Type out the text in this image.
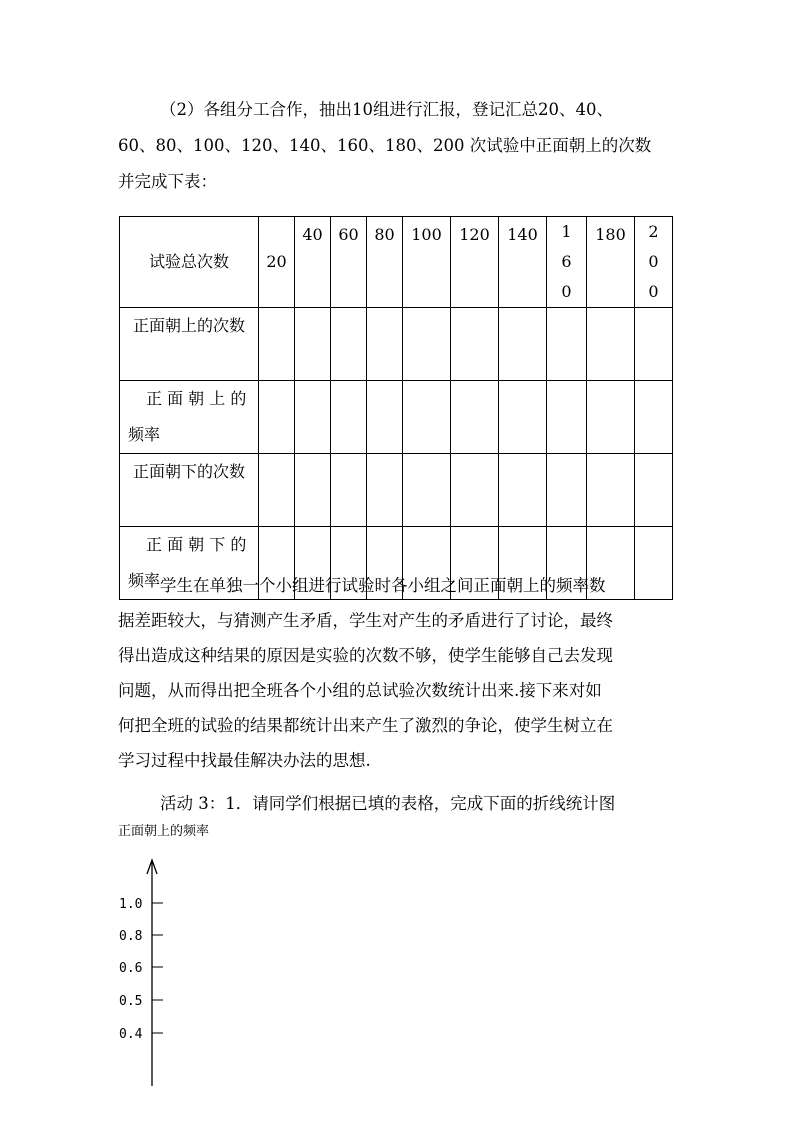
（2）各组分工合作，抽出10组进行汇报，登记汇总20、40、
60、80、100、120、140、160、180、200 次试验中正面朝上的次数
并完成下表：

试验总次数	20	40	60	80	100	120	140	160	180	200

正面朝上的次数										

正 面 朝 上 的 频率										

正面朝下的次数										

正 面 朝 下 的 频率										
										学生在单独一个小组进行试验时各小组之间正面朝上的频率数
据差距较大，与猜测产生矛盾，学生对产生的矛盾进行了讨论，最终
得出造成这种结果的原因是实验的次数不够，使学生能够自己去发现
问题，从而得出把全班各个小组的总试验次数统计出来.接下来对如
何把全班的试验的结果都统计出来产生了激烈的争论，使学生树立在
学习过程中找最佳解决办法的思想.

活动 3：1．请同学们根据已填的表格，完成下面的折线统计图

正面朝上的频率
1.0
0.8
0.6
0.5
0.4
